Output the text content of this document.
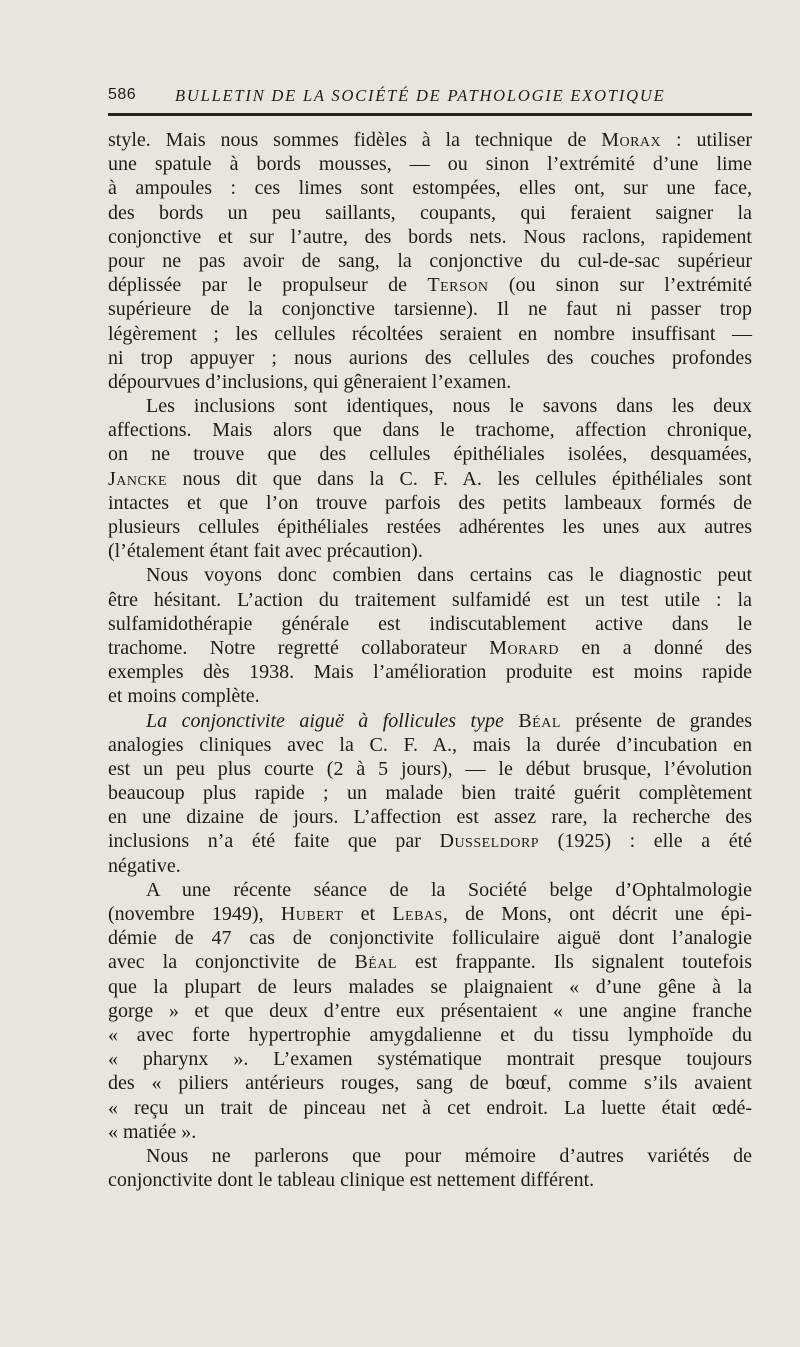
586 BULLETIN DE LA SOCIÉTÉ DE PATHOLOGIE EXOTIQUE
style. Mais nous sommes fidèles à la technique de Morax : utiliser
une spatule à bords mousses, — ou sinon l’extrémité d’une lime
à ampoules : ces limes sont estompées, elles ont, sur une face,
des bords un peu saillants, coupants, qui feraient saigner la
conjonctive et sur l’autre, des bords nets. Nous raclons, rapidement
pour ne pas avoir de sang, la conjonctive du cul-de-sac supérieur
déplissée par le propulseur de Terson (ou sinon sur l’extrémité
supérieure de la conjonctive tarsienne). Il ne faut ni passer trop
légèrement ; les cellules récoltées seraient en nombre insuffisant —
ni trop appuyer ; nous aurions des cellules des couches profondes
dépourvues d’inclusions, qui gêneraient l’examen.
Les inclusions sont identiques, nous le savons dans les deux
affections. Mais alors que dans le trachome, affection chronique,
on ne trouve que des cellules épithéliales isolées, desquamées,
Jancke nous dit que dans la C. F. A. les cellules épithéliales sont
intactes et que l’on trouve parfois des petits lambeaux formés de
plusieurs cellules épithéliales restées adhérentes les unes aux autres
(l’étalement étant fait avec précaution).
Nous voyons donc combien dans certains cas le diagnostic peut
être hésitant. L’action du traitement sulfamidé est un test utile : la
sulfamidothérapie générale est indiscutablement active dans le
trachome. Notre regretté collaborateur Morard en a donné des
exemples dès 1938. Mais l’amélioration produite est moins rapide
et moins complète.
La conjonctivite aiguë à follicules type Béal présente de grandes
analogies cliniques avec la C. F. A., mais la durée d’incubation en
est un peu plus courte (2 à 5 jours), — le début brusque, l’évolution
beaucoup plus rapide ; un malade bien traité guérit complètement
en une dizaine de jours. L’affection est assez rare, la recherche des
inclusions n’a été faite que par Dusseldorp (1925) : elle a été
négative.
A une récente séance de la Société belge d’Ophtalmologie
(novembre 1949), Hubert et Lebas, de Mons, ont décrit une épi-
démie de 47 cas de conjonctivite folliculaire aiguë dont l’analogie
avec la conjonctivite de Béal est frappante. Ils signalent toutefois
que la plupart de leurs malades se plaignaient « d’une gêne à la
gorge » et que deux d’entre eux présentaient « une angine franche
« avec forte hypertrophie amygdalienne et du tissu lymphoïde du
« pharynx ». L’examen systématique montrait presque toujours
des « piliers antérieurs rouges, sang de bœuf, comme s’ils avaient
« reçu un trait de pinceau net à cet endroit. La luette était œdé-
« matiée ».
Nous ne parlerons que pour mémoire d’autres variétés de
conjonctivite dont le tableau clinique est nettement différent.
